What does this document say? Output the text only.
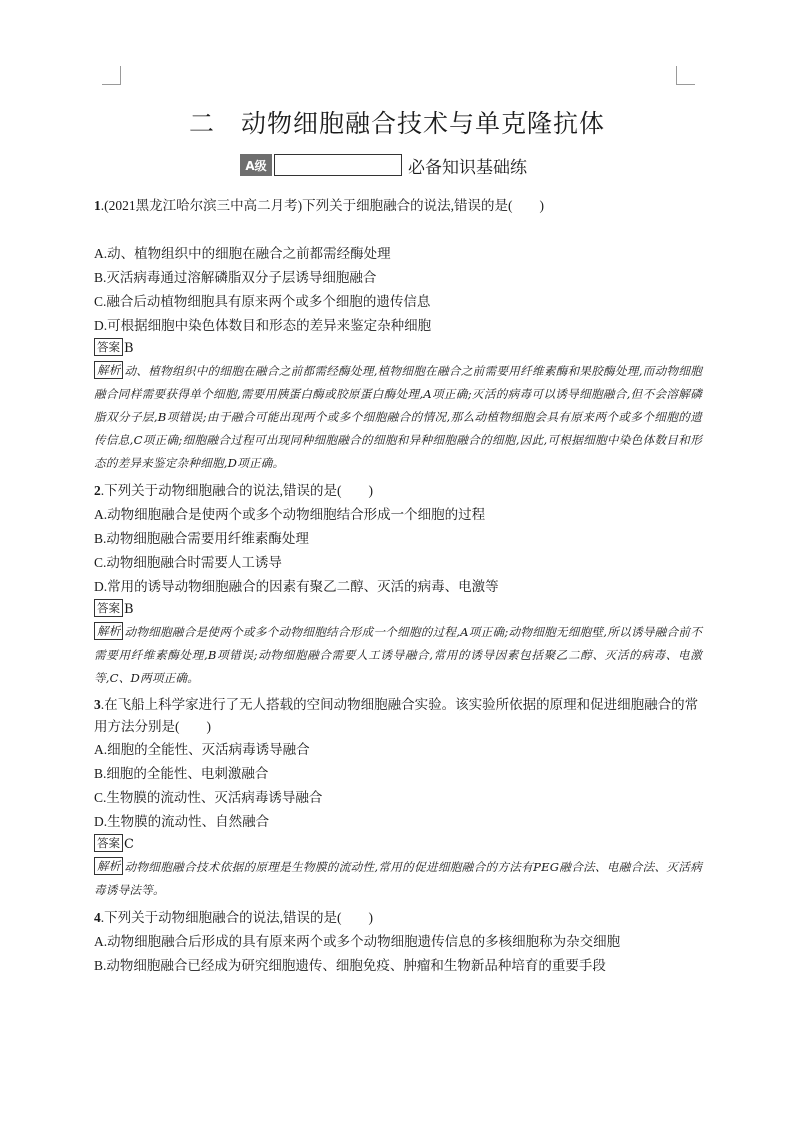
二 动物细胞融合技术与单克隆抗体
A级	必备知识基础练
1.(2021黑龙江哈尔滨三中高二月考)下列关于细胞融合的说法,错误的是(　　)
A.动、植物组织中的细胞在融合之前都需经酶处理
B.灭活病毒通过溶解磷脂双分子层诱导细胞融合
C.融合后动植物细胞具有原来两个或多个细胞的遗传信息
D.可根据细胞中染色体数目和形态的差异来鉴定杂种细胞
答案 B
解析 动、植物组织中的细胞在融合之前都需经酶处理,植物细胞在融合之前需要用纤维素酶和果胶酶处理,而动物细胞融合同样需要获得单个细胞,需要用胰蛋白酶或胶原蛋白酶处理,A项正确;灭活的病毒可以诱导细胞融合,但不会溶解磷脂双分子层,B项错误;由于融合可能出现两个或多个细胞融合的情况,那么动植物细胞会具有原来两个或多个细胞的遗传信息,C项正确;细胞融合过程可出现同种细胞融合的细胞和异种细胞融合的细胞,因此,可根据细胞中染色体数目和形态的差异来鉴定杂种细胞,D项正确。
2.下列关于动物细胞融合的说法,错误的是(　　)
A.动物细胞融合是使两个或多个动物细胞结合形成一个细胞的过程
B.动物细胞融合需要用纤维素酶处理
C.动物细胞融合时需要人工诱导
D.常用的诱导动物细胞融合的因素有聚乙二醇、灭活的病毒、电激等
答案 B
解析 动物细胞融合是使两个或多个动物细胞结合形成一个细胞的过程,A项正确;动物细胞无细胞壁,所以诱导融合前不需要用纤维素酶处理,B项错误;动物细胞融合需要人工诱导融合,常用的诱导因素包括聚乙二醇、灭活的病毒、电激等,C、D两项正确。
3.在飞船上科学家进行了无人搭载的空间动物细胞融合实验。该实验所依据的原理和促进细胞融合的常用方法分别是(　　)
A.细胞的全能性、灭活病毒诱导融合
B.细胞的全能性、电刺激融合
C.生物膜的流动性、灭活病毒诱导融合
D.生物膜的流动性、自然融合
答案 C
解析 动物细胞融合技术依据的原理是生物膜的流动性,常用的促进细胞融合的方法有PEG融合法、电融合法、灭活病毒诱导法等。
4.下列关于动物细胞融合的说法,错误的是(　　)
A.动物细胞融合后形成的具有原来两个或多个动物细胞遗传信息的多核细胞称为杂交细胞
B.动物细胞融合已经成为研究细胞遗传、细胞免疫、肿瘤和生物新品种培育的重要手段
